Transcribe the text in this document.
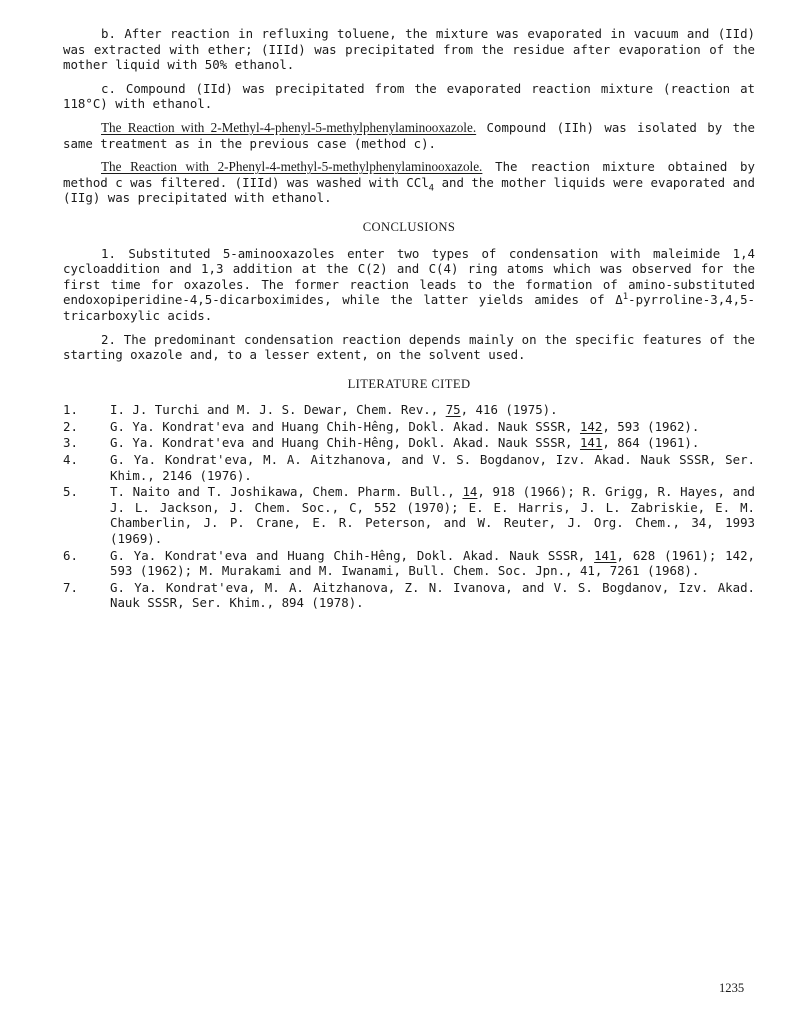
b. After reaction in refluxing toluene, the mixture was evaporated in vacuum and (IId) was extracted with ether; (IIId) was precipitated from the residue after evaporation of the mother liquid with 50% ethanol.

c. Compound (IId) was precipitated from the evaporated reaction mixture (reaction at 118°C) with ethanol.

The Reaction with 2-Methyl-4-phenyl-5-methylphenylaminooxazole. Compound (IIh) was isolated by the same treatment as in the previous case (method c).

The Reaction with 2-Phenyl-4-methyl-5-methylphenylaminooxazole. The reaction mixture obtained by method c was filtered. (IIId) was washed with CCl$_4$ and the mother liquids were evaporated and (IIg) was precipitated with ethanol.

CONCLUSIONS

1. Substituted 5-aminooxazoles enter two types of condensation with maleimide 1,4 cycloaddition and 1,3 addition at the C(2) and C(4) ring atoms which was observed for the first time for oxazoles. The former reaction leads to the formation of amino-substituted endoxopiperidine-4,5-dicarboximides, while the latter yields amides of $\Delta^1-pyrroline-3,4,5$-tricarboxylic acids.

2. The predominant condensation reaction depends mainly on the specific features of the starting oxazole and, to a lesser extent, on the solvent used.

LITERATURE CITED
1.	I. J. Turchi and M. J. S. Dewar, Chem. Rev., 75, 416 (1975).
2.	G. Ya. Kondrat'eva and Huang Chih-Hêng, Dokl. Akad. Nauk SSSR, 142, 593 (1962).
3.	G. Ya. Kondrat'eva and Huang Chih-Hêng, Dokl. Akad. Nauk SSSR, 141, 864 (1961).
4.	G. Ya. Kondrat'eva, M. A. Aitzhanova, and V. S. Bogdanov, Izv. Akad. Nauk SSSR, Ser. Khim., 2146 (1976).
5.	T. Naito and T. Joshikawa, Chem. Pharm. Bull., 14, 918 (1966); R. Grigg, R. Hayes, and J. L. Jackson, J. Chem. Soc., C, 552 (1970); E. E. Harris, J. L. Zabriskie, E. M. Chamberlin, J. P. Crane, E. R. Peterson, and W. Reuter, J. Org. Chem., 34, 1993 (1969).
6.	G. Ya. Kondrat'eva and Huang Chih-Hêng, Dokl. Akad. Nauk SSSR, 141, 628 (1961); 142, 593 (1962); M. Murakami and M. Iwanami, Bull. Chem. Soc. Jpn., 41, 7261 (1968).
7.	G. Ya. Kondrat'eva, M. A. Aitzhanova, Z. N. Ivanova, and V. S. Bogdanov, Izv. Akad. Nauk SSSR, Ser. Khim., 894 (1978).
1235
